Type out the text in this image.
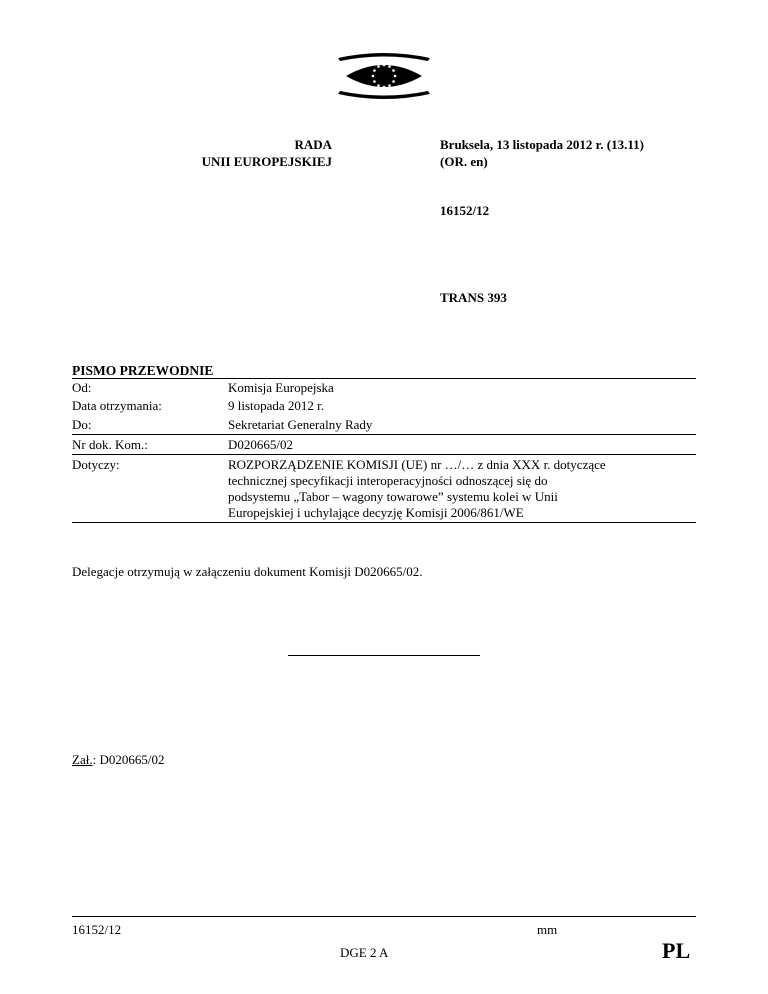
RADA
UNII EUROPEJSKIEJ
Bruksela, 13 listopada 2012 r. (13.11)
(OR. en)
16152/12
TRANS 393
PISMO PRZEWODNIE
Od:	Komisja Europejska
Data otrzymania:	9 listopada 2012 r.
Do:	Sekretariat Generalny Rady
Nr dok. Kom.:	D020665/02
Dotyczy:	ROZPORZĄDZENIE KOMISJI (UE) nr …/… z dnia XXX r. dotyczące
technicznej specyfikacji interoperacyjności odnoszącej się do
podsystemu „Tabor – wagony towarowe” systemu kolei w Unii
Europejskiej i uchylające decyzję Komisji 2006/861/WE
Delegacje otrzymują w załączeniu dokument Komisji D020665/02.
Zał.: D020665/02
16152/12	mm
DGE 2 A	PL
